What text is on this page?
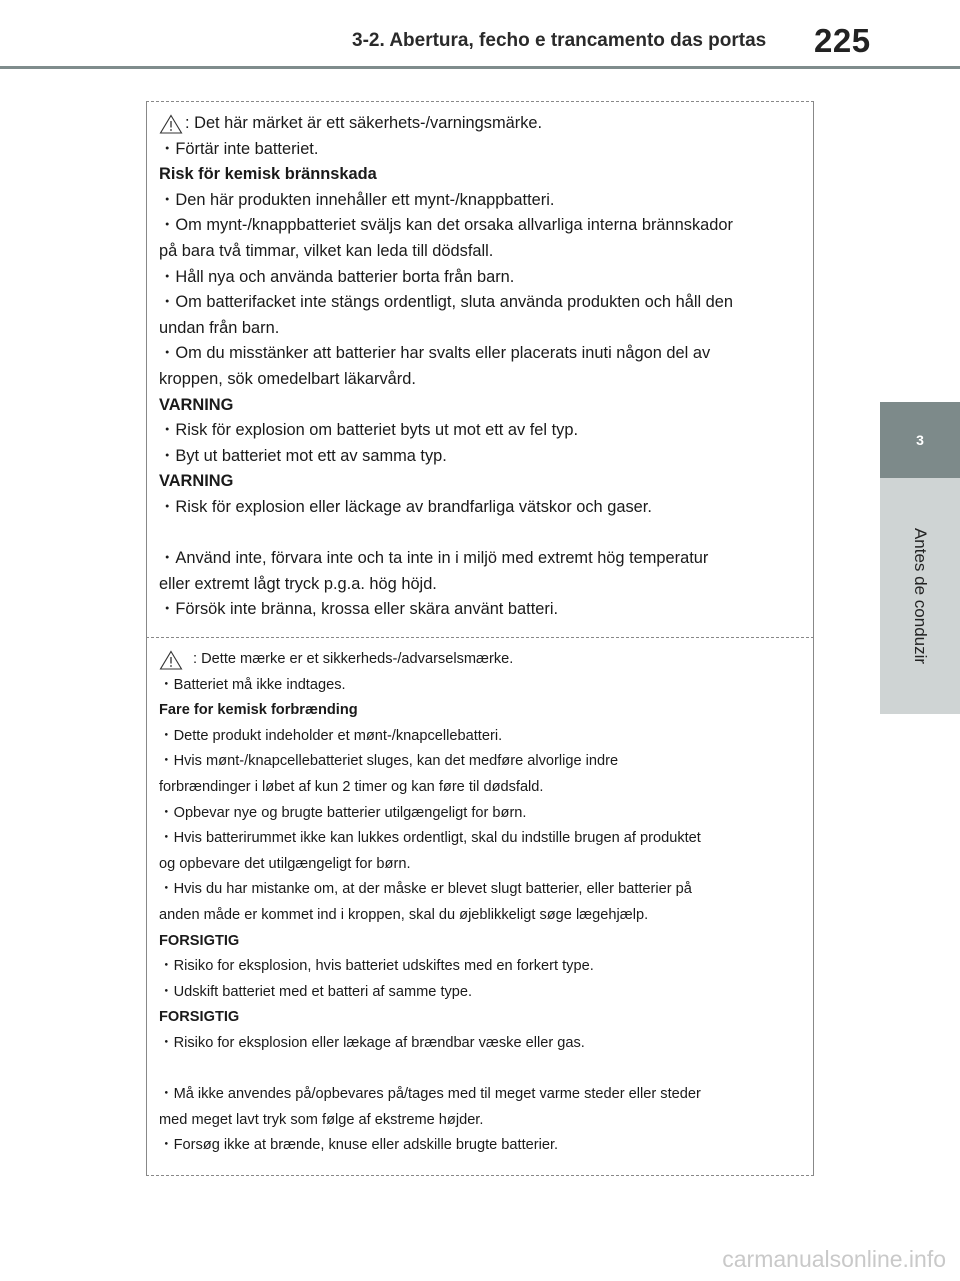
3-2. Abertura, fecho e trancamento das portas 225
3
Antes de conduzir
: Det här märket är ett säkerhets-/varningsmärke.
・Förtär inte batteriet.
Risk för kemisk brännskada
・Den här produkten innehåller ett mynt-/knappbatteri.
・Om mynt-/knappbatteriet sväljs kan det orsaka allvarliga interna brännskador
på bara två timmar, vilket kan leda till dödsfall.
・Håll nya och använda batterier borta från barn.
・Om batterifacket inte stängs ordentligt, sluta använda produkten och håll den
undan från barn.
・Om du misstänker att batterier har svalts eller placerats inuti någon del av
kroppen, sök omedelbart läkarvård.
VARNING
・Risk för explosion om batteriet byts ut mot ett av fel typ.
・Byt ut batteriet mot ett av samma typ.
VARNING
・Risk för explosion eller läckage av brandfarliga vätskor och gaser.
・Använd inte, förvara inte och ta inte in i miljö med extremt hög temperatur
eller extremt lågt tryck p.g.a. hög höjd.
・Försök inte bränna, krossa eller skära använt batteri.
: Dette mærke er et sikkerheds-/advarselsmærke.
・Batteriet må ikke indtages.
Fare for kemisk forbrænding
・Dette produkt indeholder et mønt-/knapcellebatteri.
・Hvis mønt-/knapcellebatteriet sluges, kan det medføre alvorlige indre
forbrændinger i løbet af kun 2 timer og kan føre til dødsfald.
・Opbevar nye og brugte batterier utilgængeligt for børn.
・Hvis batterirummet ikke kan lukkes ordentligt, skal du indstille brugen af produktet
og opbevare det utilgængeligt for børn.
・Hvis du har mistanke om, at der måske er blevet slugt batterier, eller batterier på
anden måde er kommet ind i kroppen, skal du øjeblikkeligt søge lægehjælp.
FORSIGTIG
・Risiko for eksplosion, hvis batteriet udskiftes med en forkert type.
・Udskift batteriet med et batteri af samme type.
FORSIGTIG
・Risiko for eksplosion eller lækage af brændbar væske eller gas.
・Må ikke anvendes på/opbevares på/tages med til meget varme steder eller steder
med meget lavt tryk som følge af ekstreme højder.
・Forsøg ikke at brænde, knuse eller adskille brugte batterier.
carmanualsonline.info
